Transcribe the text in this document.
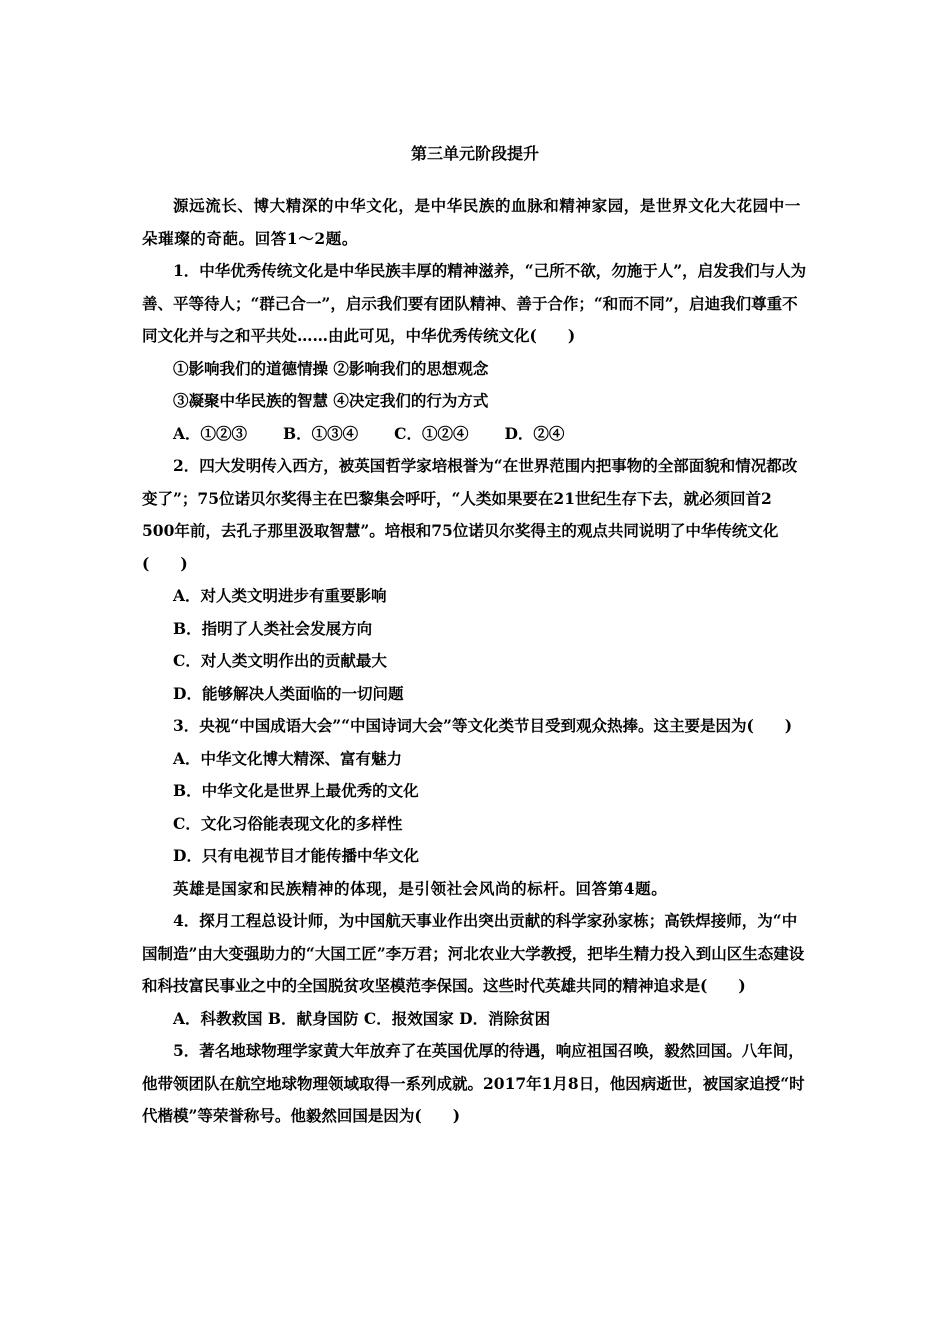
第三单元阶段提升

源远流长、博大精深的中华文化，是中华民族的血脉和精神家园，是世界文化大花园中一朵璀璨的奇葩。回答1～2题。

1．中华优秀传统文化是中华民族丰厚的精神滋养，“己所不欲，勿施于人”，启发我们与人为善、平等待人；“群己合一”，启示我们要有团队精神、善于合作；“和而不同”，启迪我们尊重不同文化并与之和平共处……由此可见，中华优秀传统文化(　　)

①影响我们的道德情操 ②影响我们的思想观念

③凝聚中华民族的智慧 ④决定我们的行为方式

A．①②③ B．①③④ C．①②④ D．②④

2．四大发明传入西方，被英国哲学家培根誉为“在世界范围内把事物的全部面貌和情况都改变了”；75位诺贝尔奖得主在巴黎集会呼吁，“人类如果要在21世纪生存下去，就必须回首2

500年前，去孔子那里汲取智慧”。培根和75位诺贝尔奖得主的观点共同说明了中华传统文化(　　)

A．对人类文明进步有重要影响

B．指明了人类社会发展方向

C．对人类文明作出的贡献最大

D．能够解决人类面临的一切问题

3．央视“中国成语大会”“中国诗词大会”等文化类节目受到观众热捧。这主要是因为(　　)

A．中华文化博大精深、富有魅力

B．中华文化是世界上最优秀的文化

C．文化习俗能表现文化的多样性

D．只有电视节目才能传播中华文化

英雄是国家和民族精神的体现，是引领社会风尚的标杆。回答第4题。

4．探月工程总设计师，为中国航天事业作出突出贡献的科学家孙家栋；高铁焊接师，为“中国制造”由大变强助力的“大国工匠”李万君；河北农业大学教授，把毕生精力投入到山区生态建设和科技富民事业之中的全国脱贫攻坚模范李保国。这些时代英雄共同的精神追求是(　　)

A．科教救国 B．献身国防 C．报效国家 D．消除贫困

5．著名地球物理学家黄大年放弃了在英国优厚的待遇，响应祖国召唤，毅然回国。八年间，他带领团队在航空地球物理领域取得一系列成就。2017年1月8日，他因病逝世，被国家追授“时代楷模”等荣誉称号。他毅然回国是因为(　　)
